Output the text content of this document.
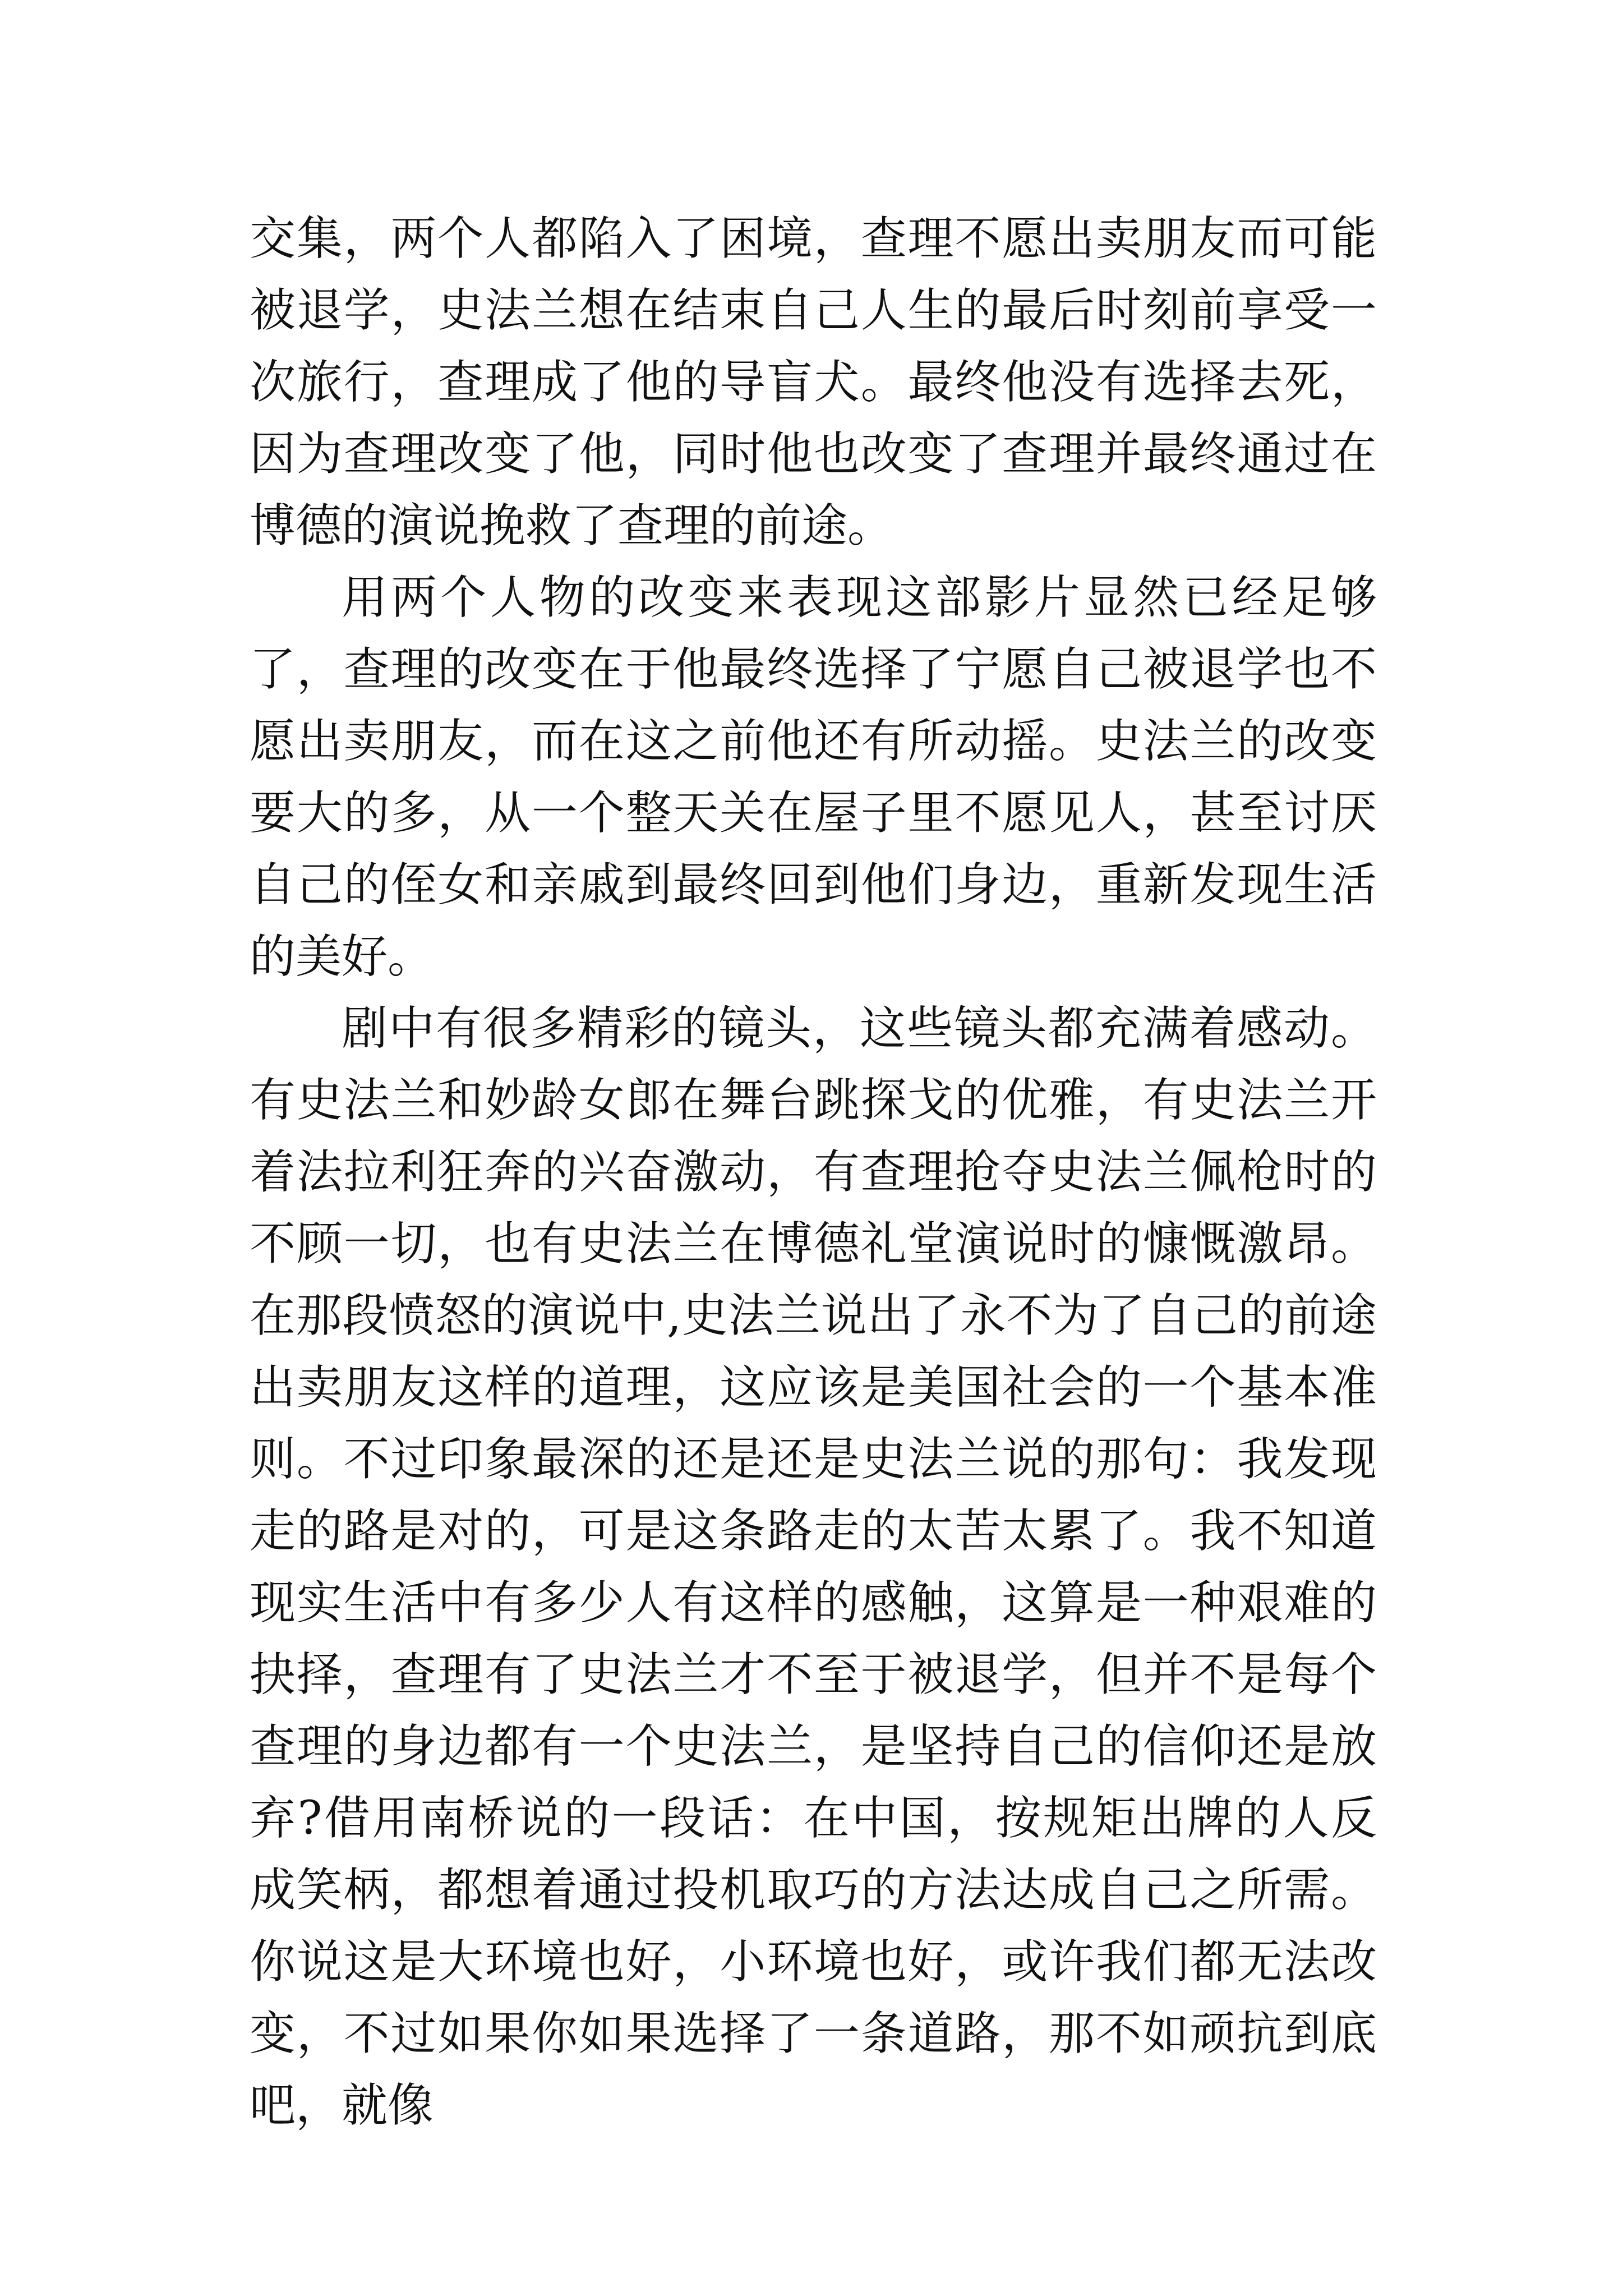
交集，两个人都陷入了困境，查理不愿出卖朋友而可能被退学，史法兰想在结束自己人生的最后时刻前享受一次旅行，查理成了他的导盲犬。最终他没有选择去死，因为查理改变了他，同时他也改变了查理并最终通过在博德的演说挽救了查理的前途。

用两个人物的改变来表现这部影片显然已经足够了，查理的改变在于他最终选择了宁愿自己被退学也不愿出卖朋友，而在这之前他还有所动摇。史法兰的改变要大的多，从一个整天关在屋子里不愿见人，甚至讨厌自己的侄女和亲戚到最终回到他们身边，重新发现生活的美好。

剧中有很多精彩的镜头，这些镜头都充满着感动。有史法兰和妙龄女郎在舞台跳探戈的优雅，有史法兰开着法拉利狂奔的兴奋激动，有查理抢夺史法兰佩枪时的不顾一切，也有史法兰在博德礼堂演说时的慷慨激昂。在那段愤怒的演说中,史法兰说出了永不为了自己的前途出卖朋友这样的道理，这应该是美国社会的一个基本准则。不过印象最深的还是还是史法兰说的那句：我发现走的路是对的，可是这条路走的太苦太累了。我不知道现实生活中有多少人有这样的感触，这算是一种艰难的抉择，查理有了史法兰才不至于被退学，但并不是每个查理的身边都有一个史法兰，是坚持自己的信仰还是放弃?借用南桥说的一段话：在中国，按规矩出牌的人反成笑柄，都想着通过投机取巧的方法达成自己之所需。你说这是大环境也好，小环境也好，或许我们都无法改变，不过如果你如果选择了一条道路，那不如顽抗到底吧，就像
